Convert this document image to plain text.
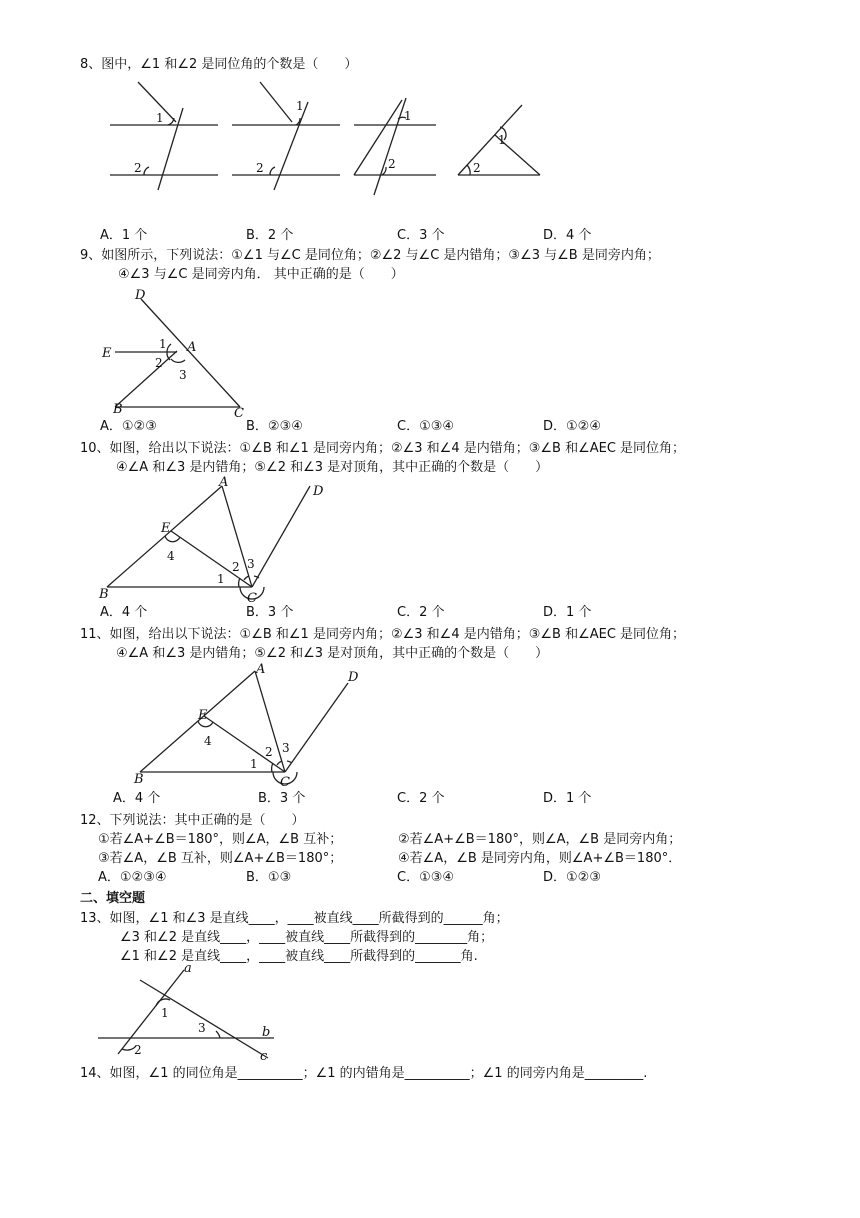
8、图中，∠1 和∠2 是同位角的个数是（　　）
1
2
1
2
1
2
1
2
A．1 个	B．2 个	C．3 个	D．4 个
9、如图所示，下列说法：①∠1 与∠C 是同位角；②∠2 与∠C 是内错角；③∠3 与∠B 是同旁内角；
④∠3 与∠C 是同旁内角． 其中正确的是（　　）
D
E	A
B	C
1
2
3
A．①②③	B．②③④	C．①③④	D．①②④
10、如图，给出以下说法：①∠B 和∠1 是同旁内角；②∠3 和∠4 是内错角；③∠B 和∠AEC 是同位角；
④∠A 和∠3 是内错角；⑤∠2 和∠3 是对顶角，其中正确的个数是（　　）
A
B	C
D
E
1
2 3
4
A．4 个	B．3 个	C．2 个	D．1 个
11、如图，给出以下说法：①∠B 和∠1 是同旁内角；②∠3 和∠4 是内错角；③∠B 和∠AEC 是同位角；
④∠A 和∠3 是内错角；⑤∠2 和∠3 是对顶角，其中正确的个数是（　　）
A
B	C
D
E
1
2 3
4
A．4 个	B．3 个	C．2 个	D．1 个
12、下列说法：其中正确的是（　　）
①若∠A+∠B＝180°，则∠A，∠B 互补；	②若∠A+∠B＝180°，则∠A，∠B 是同旁内角；
③若∠A，∠B 互补，则∠A+∠B＝180°；	④若∠A，∠B 是同旁内角，则∠A+∠B＝180°．
A．①②③④	B．①③	C．①③④	D．①②③
二、填空题
13、如图，∠1 和∠3 是直线____，____被直线____所截得到的______角；
∠3 和∠2 是直线____，____被直线____所截得到的________角；
∠1 和∠2 是直线____，____被直线____所截得到的_______角.
a
b
c
1
2
3
14、如图，∠1 的同位角是__________；∠1 的内错角是__________；∠1 的同旁内角是_________.
